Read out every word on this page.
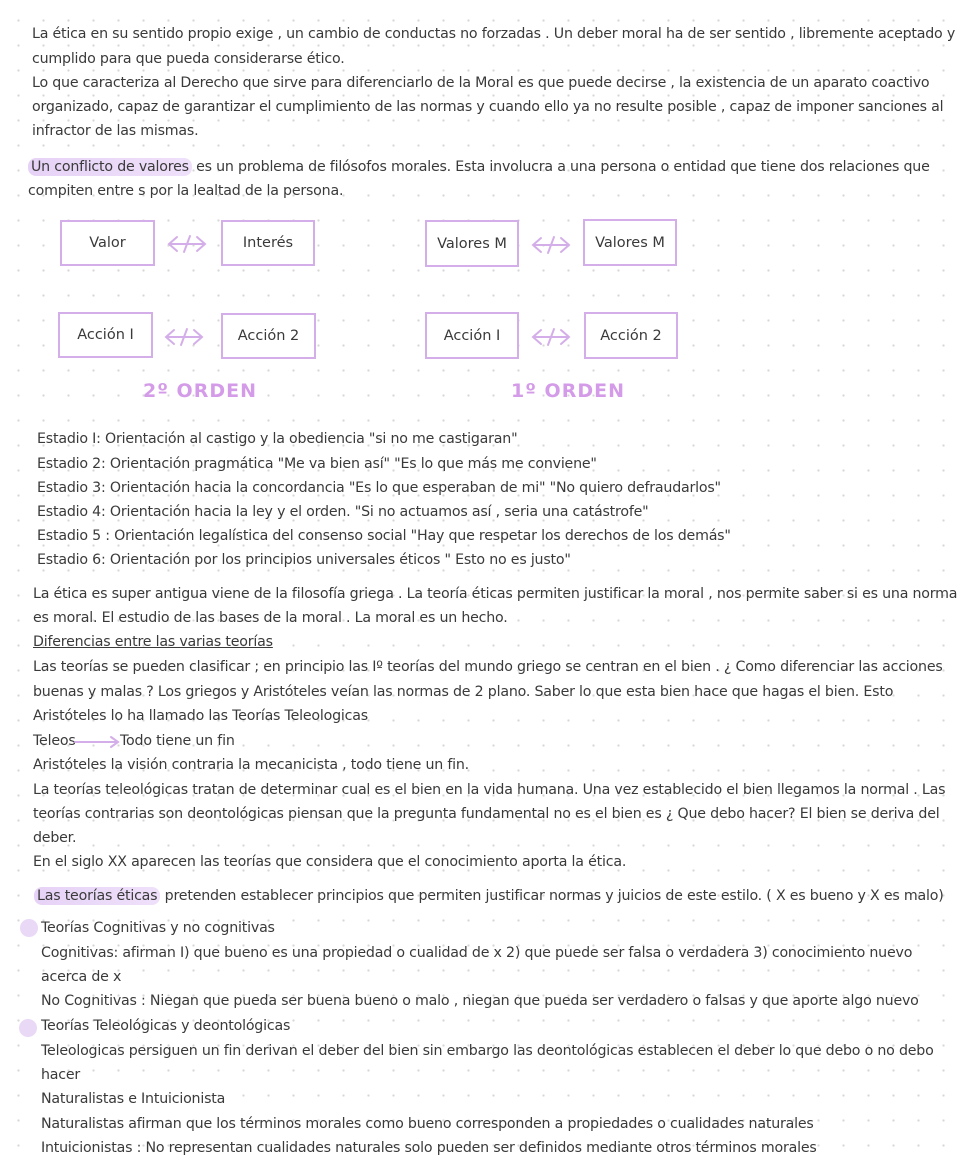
La ética en su sentido propio exige , un cambio de conductas no forzadas . Un deber moral ha de ser sentido , libremente aceptado y
cumplido para que pueda considerarse ético.
Lo que caracteriza al Derecho que sirve para diferenciarlo de la Moral es que puede decirse , la existencia de un aparato coactivo
organizado, capaz de garantizar el cumplimiento de las normas y cuando ello ya no resulte posible , capaz de imponer sanciones al
infractor de las mismas.
Un conflicto de valores es un problema de filósofos morales. Esta involucra a una persona o entidad que tiene dos relaciones que
compiten entre s por la lealtad de la persona.
Valor	Interés
Acción I	Acción 2
2º ORDEN
Valores M	Valores M
Acción I	Acción 2
1º ORDEN
Estadio I: Orientación al castigo y la obediencia "si no me castigaran"
Estadio 2: Orientación pragmática "Me va bien así" "Es lo que más me conviene"
Estadio 3: Orientación hacia la concordancia "Es lo que esperaban de mi" "No quiero defraudarlos"
Estadio 4: Orientación hacia la ley y el orden. "Si no actuamos así , seria una catástrofe"
Estadio 5 : Orientación legalística del consenso social "Hay que respetar los derechos de los demás"
Estadio 6: Orientación por los principios universales éticos " Esto no es justo"
La ética es super antigua viene de la filosofía griega . La teoría éticas permiten justificar la moral , nos permite saber si es una norma
es moral. El estudio de las bases de la moral . La moral es un hecho.
Diferencias entre las varias teorías
Las teorías se pueden clasificar ; en principio las Iº teorías del mundo griego se centran en el bien . ¿ Como diferenciar las acciones
buenas y malas ? Los griegos y Aristóteles veían las normas de 2 plano. Saber lo que esta bien hace que hagas el bien. Esto
Aristóteles lo ha llamado las Teorías Teleologicas
Teleos	Todo tiene un fin
Aristóteles la visión contraria la mecanicista , todo tiene un fin.
La teorías teleológicas tratan de determinar cual es el bien en la vida humana. Una vez establecido el bien llegamos la normal . Las
teorías contrarias son deontológicas piensan que la pregunta fundamental no es el bien es ¿ Que debo hacer? El bien se deriva del
deber.
En el siglo XX aparecen las teorías que considera que el conocimiento aporta la ética.
Las teorías éticas pretenden establecer principios que permiten justificar normas y juicios de este estilo. ( X es bueno y X es malo)
Teorías Cognitivas y no cognitivas
Cognitivas: afirman I) que bueno es una propiedad o cualidad de x 2) que puede ser falsa o verdadera 3) conocimiento nuevo
acerca de x
No Cognitivas : Niegan que pueda ser buena bueno o malo , niegan que pueda ser verdadero o falsas y que aporte algo nuevo
Teorías Teleológicas y deontológicas
Teleologicas persiguen un fin derivan el deber del bien sin embargo las deontológicas establecen el deber lo que debo o no debo
hacer
Naturalistas e Intuicionista
Naturalistas afirman que los términos morales como bueno corresponden a propiedades o cualidades naturales
Intuicionistas : No representan cualidades naturales solo pueden ser definidos mediante otros términos morales
